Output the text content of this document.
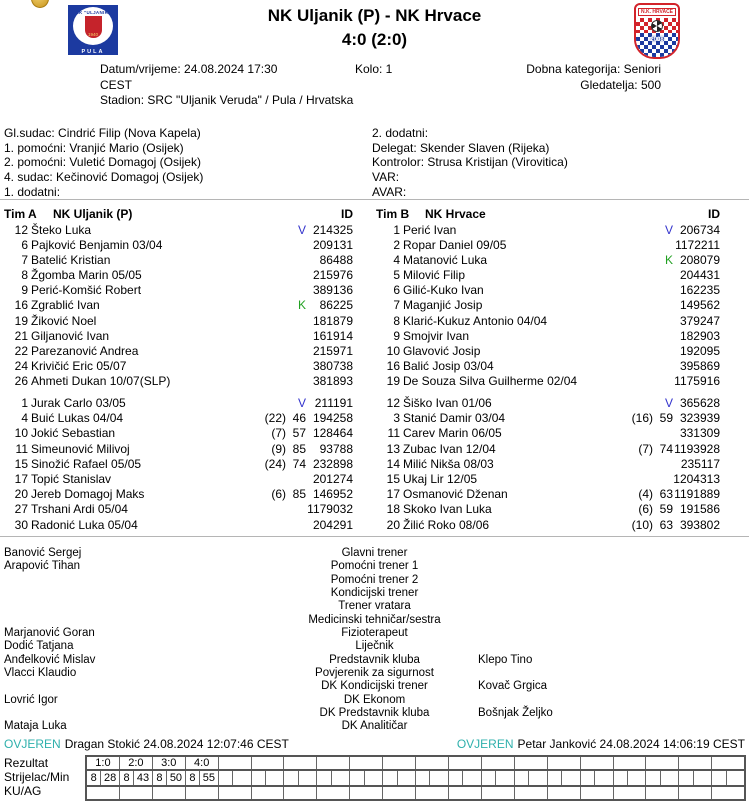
NK "ULJANIK"
1940
PULA
NK Uljanik (P) - NK Hrvace
4:0 (2:0)
N.K. HRVACE
2008
Datum/vrijeme: 24.08.2024 17:30 CEST
Kolo: 1	Dobna kategorija: Seniori
Gledatelja: 500
Stadion: SRC "Uljanik Veruda" / Pula / Hrvatska
Gl.sudac: Cindrić Filip (Nova Kapela)
1. pomoćni: Vranjić Mario (Osijek)
2. pomoćni: Vuletić Domagoj (Osijek)
4. sudac: Kečinović Domagoj (Osijek)
1. dodatni:
2. dodatni:
Delegat: Skender Slaven (Rijeka)
Kontrolor: Strusa Kristijan (Virovitica)
VAR:
AVAR:
Tim A	NK Uljanik (P)	ID
12 Šteko Luka	V 214325
6 Pajković Benjamin 03/04	209131
7 Batelić Kristian	86488
8 Žgomba Marin 05/05	215976
9 Perić-Komšić Robert	389136
16 Zgrablić Ivan	K	86225
19 Žiković Noel	181879
21 Giljanović Ivan	161914
22 Parezanović Andrea	215971
24 Krivičić Eric 05/07	380738
26 Ahmeti Dukan 10/07(SLP)	381893
Tim B	NK Hrvace	ID
1 Perić Ivan	V 206734
2 Ropar Daniel 09/05	1172211
4 Matanović Luka	K 208079
5 Milović Filip	204431
6 Gilić-Kuko Ivan	162235
7 Maganjić Josip	149562
8 Klarić-Kukuz Antonio 04/04	379247
9 Smojvir Ivan	182903
10 Glavović Josip	192095
16 Balić Josip 03/04	395869
19 De Souza Silva Guilherme 02/04	1175916
1 Jurak Carlo 03/05	V 211191
4 Buić Lukas 04/04	(22) 46 194258
10 Jokić Sebastian	(7) 57 128464
11 Simeunović Milivoj	(9) 85	93788
15 Sinožić Rafael 05/05	(24) 74 232898
17 Topić Stanislav	201274
20 Jereb Domagoj Maks	(6) 85 146952
27 Trshani Ardi 05/04	1179032
30 Radonić Luka 05/04	204291
12 Šiško Ivan 01/06	V 365628
3 Stanić Damir 03/04	(16) 59 323939
11 Carev Marin 06/05	331309
13 Zubac Ivan 12/04	(7) 74 1193928
14 Milić Nikša 08/03	235117
15 Ukaj Lir 12/05	1204313
17 Osmanović Dženan	(4) 63 1191889
18 Skoko Ivan Luka	(6) 59 191586
20 Žilić Roko 08/06	(10) 63 393802
Banović Sergej	Glavni trener
Arapović Tihan	Pomoćni trener 1
Pomoćni trener 2
Kondicijski trener
Trener vratara
Medicinski tehničar/sestra
Marjanović Goran	Fizioterapeut
Dodić Tatjana	Liječnik
Anđelković Mislav	Predstavnik kluba	Klepo Tino
Vlacci Klaudio	Povjerenik za sigurnost
DK Kondicijski trener	Kovač Grgica
Lovrić Igor	DK Ekonom
DK Predstavnik kluba	Bošnjak Željko
Mataja Luka	DK Analitičar
OVJEREN Dragan Stokić 24.08.2024 12:07:46 CEST	OVJEREN Petar Janković 24.08.2024 14:06:19 CEST
Rezultat
Strijelac/Min
KU/AG
1:0	2:0	3:0	4:0
8 28 8 43 8 50 8 55
